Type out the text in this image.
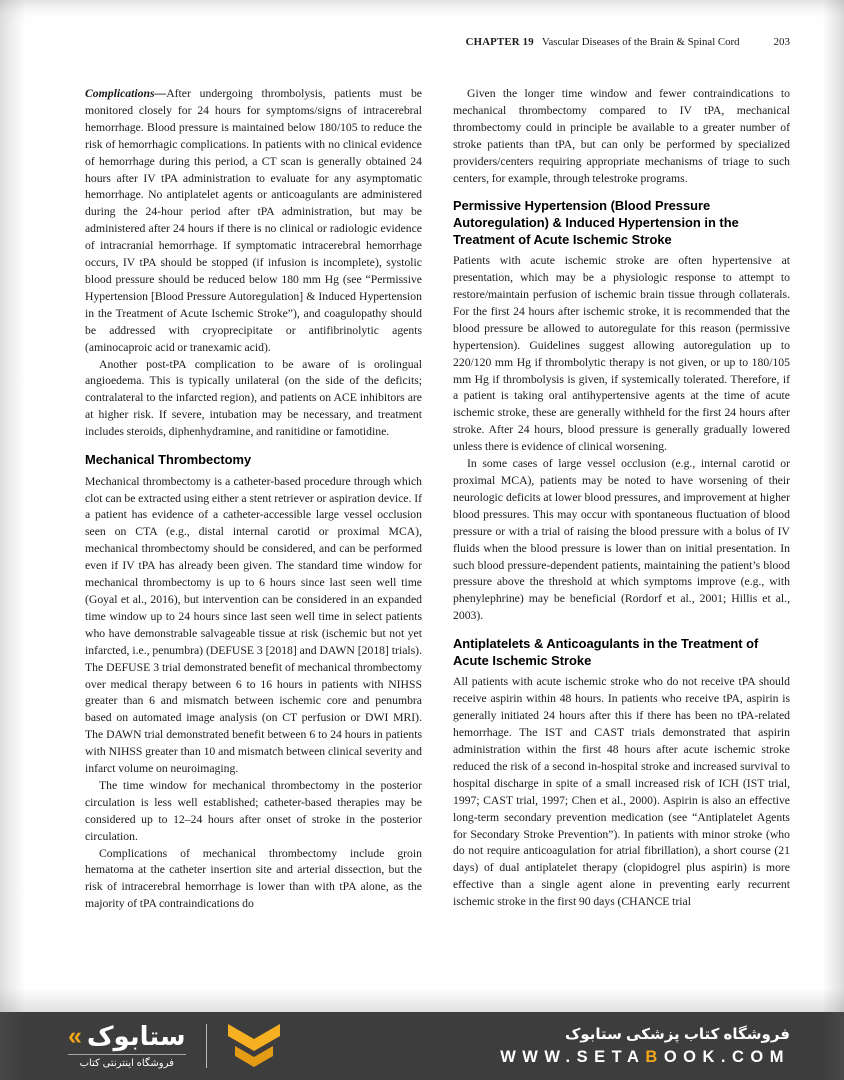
CHAPTER 19 Vascular Diseases of the Brain & Spinal Cord	203

Complications—After undergoing thrombolysis, patients must be monitored closely for 24 hours for symptoms/signs of intracerebral hemorrhage. Blood pressure is maintained below 180/105 to reduce the risk of hemorrhagic complications. In patients with no clinical evidence of hemorrhage during this period, a CT scan is generally obtained 24 hours after IV tPA administration to evaluate for any asymptomatic hemorrhage. No antiplatelet agents or anticoagulants are administered during the 24-hour period after tPA administration, but may be administered after 24 hours if there is no clinical or radiologic evidence of intracranial hemorrhage. If symptomatic intracerebral hemorrhage occurs, IV tPA should be stopped (if infusion is incomplete), systolic blood pressure should be reduced below 180 mm Hg (see “Permissive Hypertension [Blood Pressure Autoregulation] & Induced Hypertension in the Treatment of Acute Ischemic Stroke”), and coagulopathy should be addressed with cryoprecipitate or antifibrinolytic agents (aminocaproic acid or tranexamic acid).

Another post-tPA complication to be aware of is orolingual angioedema. This is typically unilateral (on the side of the deficits; contralateral to the infarcted region), and patients on ACE inhibitors are at higher risk. If severe, intubation may be necessary, and treatment includes steroids, diphenhydramine, and ranitidine or famotidine.

Mechanical Thrombectomy

Mechanical thrombectomy is a catheter-based procedure through which clot can be extracted using either a stent retriever or aspiration device. If a patient has evidence of a catheter-accessible large vessel occlusion seen on CTA (e.g., distal internal carotid or proximal MCA), mechanical thrombectomy should be considered, and can be performed even if IV tPA has already been given. The standard time window for mechanical thrombectomy is up to 6 hours since last seen well time (Goyal et al., 2016), but intervention can be considered in an expanded time window up to 24 hours since last seen well time in select patients who have demonstrable salvageable tissue at risk (ischemic but not yet infarcted, i.e., penumbra) (DEFUSE 3 [2018] and DAWN [2018] trials). The DEFUSE 3 trial demonstrated benefit of mechanical thrombectomy over medical therapy between 6 to 16 hours in patients with NIHSS greater than 6 and mismatch between ischemic core and penumbra based on automated image analysis (on CT perfusion or DWI MRI). The DAWN trial demonstrated benefit between 6 to 24 hours in patients with NIHSS greater than 10 and mismatch between clinical severity and infarct volume on neuroimaging.

The time window for mechanical thrombectomy in the posterior circulation is less well established; catheter-based therapies may be considered up to 12–24 hours after onset of stroke in the posterior circulation.

Complications of mechanical thrombectomy include groin hematoma at the catheter insertion site and arterial dissection, but the risk of intracerebral hemorrhage is lower than with tPA alone, as the majority of tPA contraindications do

Given the longer time window and fewer contraindications to mechanical thrombectomy compared to IV tPA, mechanical thrombectomy could in principle be available to a greater number of stroke patients than tPA, but can only be performed by specialized providers/centers requiring appropriate mechanisms of triage to such centers, for example, through telestroke programs.

Permissive Hypertension (Blood Pressure Autoregulation) & Induced Hypertension in the Treatment of Acute Ischemic Stroke

Patients with acute ischemic stroke are often hypertensive at presentation, which may be a physiologic response to attempt to restore/maintain perfusion of ischemic brain tissue through collaterals. For the first 24 hours after ischemic stroke, it is recommended that the blood pressure be allowed to autoregulate for this reason (permissive hypertension). Guidelines suggest allowing autoregulation up to 220/120 mm Hg if thrombolytic therapy is not given, or up to 180/105 mm Hg if thrombolysis is given, if systemically tolerated. Therefore, if a patient is taking oral antihypertensive agents at the time of acute ischemic stroke, these are generally withheld for the first 24 hours after stroke. After 24 hours, blood pressure is generally gradually lowered unless there is evidence of clinical worsening.

In some cases of large vessel occlusion (e.g., internal carotid or proximal MCA), patients may be noted to have worsening of their neurologic deficits at lower blood pressures, and improvement at higher blood pressures. This may occur with spontaneous fluctuation of blood pressure or with a trial of raising the blood pressure with a bolus of IV fluids when the blood pressure is lower than on initial presentation. In such blood pressure-dependent patients, maintaining the patient’s blood pressure above the threshold at which symptoms improve (e.g., with phenylephrine) may be beneficial (Rordorf et al., 2001; Hillis et al., 2003).

Antiplatelets & Anticoagulants in the Treatment of Acute Ischemic Stroke

All patients with acute ischemic stroke who do not receive tPA should receive aspirin within 48 hours. In patients who receive tPA, aspirin is generally initiated 24 hours after this if there has been no tPA-related hemorrhage. The IST and CAST trials demonstrated that aspirin administration within the first 48 hours after acute ischemic stroke reduced the risk of a second in-hospital stroke and increased survival to hospital discharge in spite of a small increased risk of ICH (IST trial, 1997; CAST trial, 1997; Chen et al., 2000). Aspirin is also an effective long-term secondary prevention medication (see “Antiplatelet Agents for Secondary Stroke Prevention”). In patients with minor stroke (who do not require anticoagulation for atrial fibrillation), a short course (21 days) of dual antiplatelet therapy (clopidogrel plus aspirin) is more effective than a single agent alone in preventing early recurrent ischemic stroke in the first 90 days (CHANCE trial

« ستابوک
فروشگاه اینترنتی کتاب
فروشگاه کتاب پزشکی ستابوک
WWW.SETABOOK.COM
